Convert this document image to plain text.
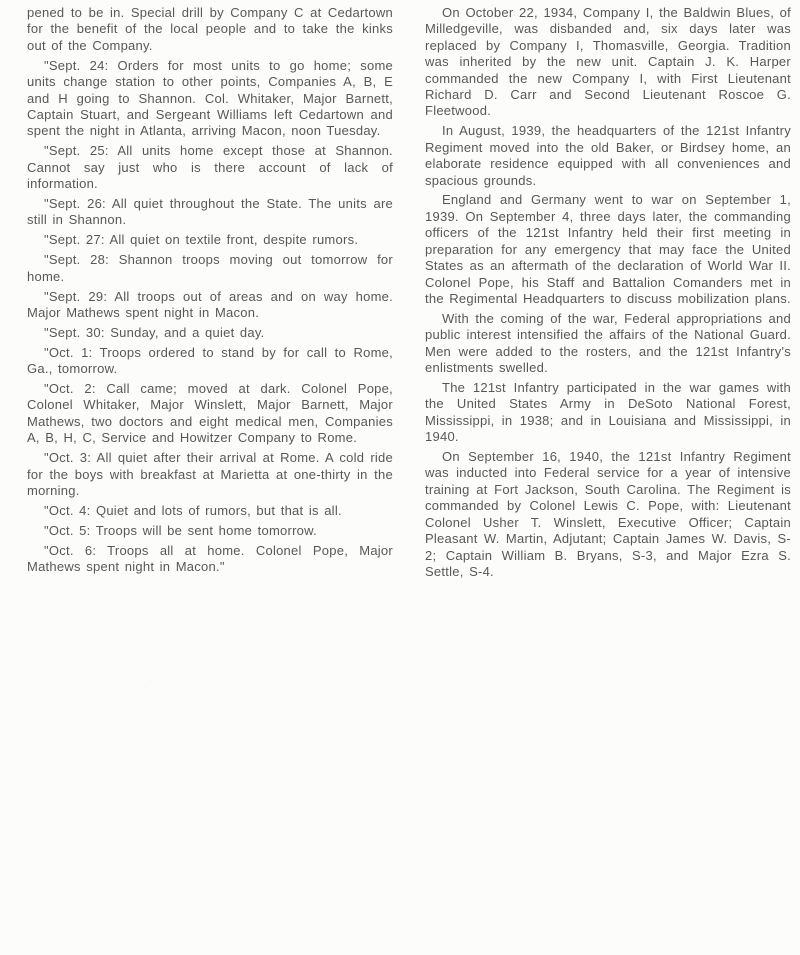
pened to be in. Special drill by Company C at Cedartown for the benefit of the local people and to take the kinks out of the Company.

"Sept. 24: Orders for most units to go home; some units change station to other points, Companies A, B, E and H going to Shannon. Col. Whitaker, Major Barnett, Captain Stuart, and Sergeant Williams left Cedartown and spent the night in Atlanta, arriving Macon, noon Tuesday.

"Sept. 25: All units home except those at Shannon. Cannot say just who is there account of lack of information.

"Sept. 26: All quiet throughout the State. The units are still in Shannon.

"Sept. 27: All quiet on textile front, despite rumors.

"Sept. 28: Shannon troops moving out tomorrow for home.

"Sept. 29: All troops out of areas and on way home. Major Mathews spent night in Macon.

"Sept. 30: Sunday, and a quiet day.

"Oct. 1: Troops ordered to stand by for call to Rome, Ga., tomorrow.

"Oct. 2: Call came; moved at dark. Colonel Pope, Colonel Whitaker, Major Winslett, Major Barnett, Major Mathews, two doctors and eight medical men, Companies A, B, H, C, Service and Howitzer Company to Rome.

"Oct. 3: All quiet after their arrival at Rome. A cold ride for the boys with breakfast at Marietta at one-thirty in the morning.

"Oct. 4: Quiet and lots of rumors, but that is all.

"Oct. 5: Troops will be sent home tomorrow.

"Oct. 6: Troops all at home. Colonel Pope, Major Mathews spent night in Macon."

On October 22, 1934, Company I, the Baldwin Blues, of Milledgeville, was disbanded and, six days later was replaced by Company I, Thomasville, Georgia. Tradition was inherited by the new unit. Captain J. K. Harper commanded the new Company I, with First Lieutenant Richard D. Carr and Second Lieutenant Roscoe G. Fleetwood.

In August, 1939, the headquarters of the 121st Infantry Regiment moved into the old Baker, or Birdsey home, an elaborate residence equipped with all conveniences and spacious grounds.

England and Germany went to war on September 1, 1939. On September 4, three days later, the commanding officers of the 121st Infantry held their first meeting in preparation for any emergency that may face the United States as an aftermath of the declaration of World War II. Colonel Pope, his Staff and Battalion Comanders met in the Regimental Headquarters to discuss mobilization plans.

With the coming of the war, Federal appropriations and public interest intensified the affairs of the National Guard. Men were added to the rosters, and the 121st Infantry's enlistments swelled.

The 121st Infantry participated in the war games with the United States Army in DeSoto National Forest, Mississippi, in 1938; and in Louisiana and Mississippi, in 1940.

On September 16, 1940, the 121st Infantry Regiment was inducted into Federal service for a year of intensive training at Fort Jackson, South Carolina. The Regiment is commanded by Colonel Lewis C. Pope, with: Lieutenant Colonel Usher T. Winslett, Executive Officer; Captain Pleasant W. Martin, Adjutant; Captain James W. Davis, S-2; Captain William B. Bryans, S-3, and Major Ezra S. Settle, S-4.
